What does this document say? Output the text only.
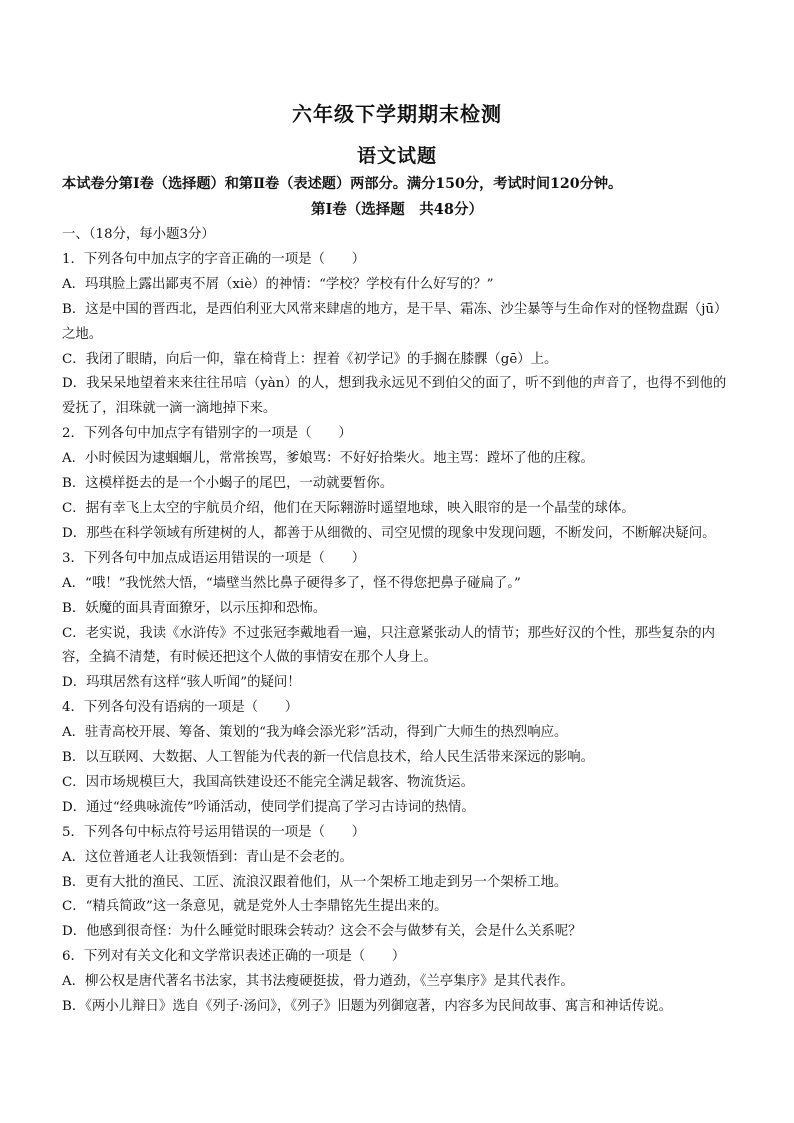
六年级下学期期末检测
语文试题

本试卷分第Ⅰ卷（选择题）和第Ⅱ卷（表述题）两部分。满分150分，考试时间120分钟。

第Ⅰ卷（选择题　共48分）

一、（18分，每小题3分）
1．下列各句中加点字的字音正确的一项是（　　）
A．玛琪脸上露出鄙夷不屑（xiè）的神情：“学校？学校有什么好写的？”
B．这是中国的晋西北，是西伯利亚大风常来肆虐的地方，是干旱、霜冻、沙尘暴等与生命作对的怪物盘踞（jū）之地。
C．我闭了眼睛，向后一仰，靠在椅背上：捏着《初学记》的手搁在膝髁（gē）上。
D．我呆呆地望着来来往往吊唁（yàn）的人，想到我永远见不到伯父的面了，听不到他的声音了，也得不到他的爱抚了，泪珠就一滴一滴地掉下来。
2．下列各句中加点字有错别字的一项是（　　）
A．小时候因为逮蝈蝈儿，常常挨骂，爹娘骂：不好好拾柴火。地主骂：蹚坏了他的庄稼。
B．这模样挺去的是一个小蝎子的尾巴，一动就要暂你。
C．据有幸飞上太空的宇航员介绍，他们在天际翱游时遥望地球，映入眼帘的是一个晶莹的球体。
D．那些在科学领域有所建树的人，都善于从细微的、司空见惯的现象中发现问题，不断发问，不断解决疑问。
3．下列各句中加点成语运用错误的一项是（　　）
A．“哦！”我恍然大悟，“墙壁当然比鼻子硬得多了，怪不得您把鼻子碰扁了。”
B．妖魔的面具青面獠牙，以示压抑和恐怖。
C．老实说，我读《水浒传》不过张冠李戴地看一遍，只注意紧张动人的情节；那些好汉的个性，那些复杂的内容，全搞不清楚，有时候还把这个人做的事情安在那个人身上。
D．玛琪居然有这样“骇人听闻”的疑问！
4．下列各句没有语病的一项是（　　）
A．驻青高校开展、筹备、策划的“我为峰会添光彩”活动，得到广大师生的热烈响应。
B．以互联网、大数据、人工智能为代表的新一代信息技术，给人民生活带来深远的影响。
C．因市场规模巨大，我国高铁建设还不能完全满足载客、物流货运。
D．通过“经典咏流传”吟诵活动，使同学们提高了学习古诗词的热情。
5．下列各句中标点符号运用错误的一项是（　　）
A．这位普通老人让我领悟到：青山是不会老的。
B．更有大批的渔民、工匠、流浪汉跟着他们，从一个架桥工地走到另一个架桥工地。
C．“精兵简政”这一条意见，就是党外人士李鼎铭先生提出来的。
D．他感到很奇怪：为什么睡觉时眼珠会转动？这会不会与做梦有关，会是什么关系呢？
6．下列对有关文化和文学常识表述正确的一项是（　　）
A．柳公权是唐代著名书法家，其书法瘦硬挺拔，骨力遒劲，《兰亭集序》是其代表作。
B．《两小儿辩日》选自《列子·汤问》，《列子》旧题为列御寇著，内容多为民间故事、寓言和神话传说。
